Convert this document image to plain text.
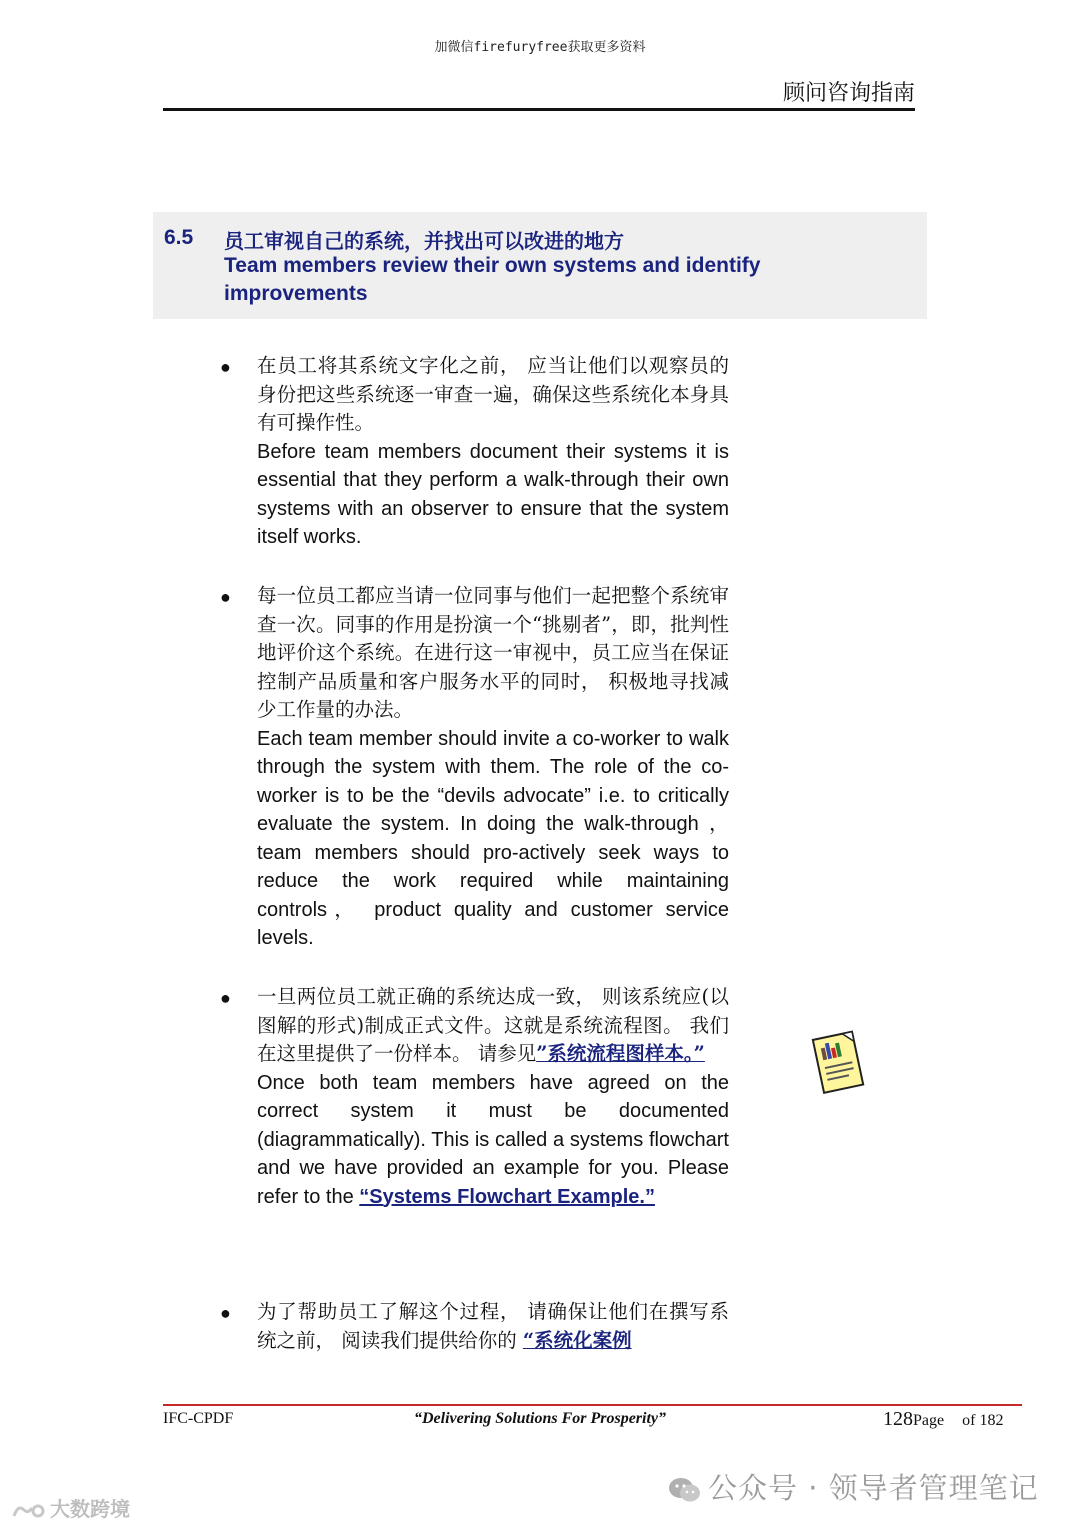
加微信firefuryfree获取更多资料
顾问咨询指南
6.5 员工审视自己的系统，并找出可以改进的地方
Team members review their own systems and identify improvements
● 在员工将其系统文字化之前， 应当让他们以观察员的身份把这些系统逐一审查一遍，确保这些系统化本身具有可操作性。
Before team members document their systems it is essential that they perform a walk-through their own systems with an observer to ensure that the system itself works.
● 每一位员工都应当请一位同事与他们一起把整个系统审查一次。同事的作用是扮演一个“挑剔者”，即，批判性地评价这个系统。在进行这一审视中，员工应当在保证控制产品质量和客户服务水平的同时， 积极地寻找减少工作量的办法。
Each team member should invite a co-worker to walk through the system with them. The role of the co-worker is to be the “devils advocate” i.e. to critically evaluate the system. In doing the walk-through ， team members should pro-actively seek ways to reduce the work required while maintaining controls， product quality and customer service levels.
● 一旦两位员工就正确的系统达成一致， 则该系统应(以图解的形式)制成正式文件。这就是系统流程图。 我们在这里提供了一份样本。 请参见”系统流程图样本。”
Once both team members have agreed on the correct system it must be documented (diagrammatically). This is called a systems flowchart and we have provided an example for you. Please refer to the “Systems Flowchart Example.”
● 为了帮助员工了解这个过程， 请确保让他们在撰写系统之前， 阅读我们提供给你的 “系统化案例
IFC-CPDF	“Delivering Solutions For Prosperity”	128Page of 182
公众号 · 领导者管理笔记
大数跨境
